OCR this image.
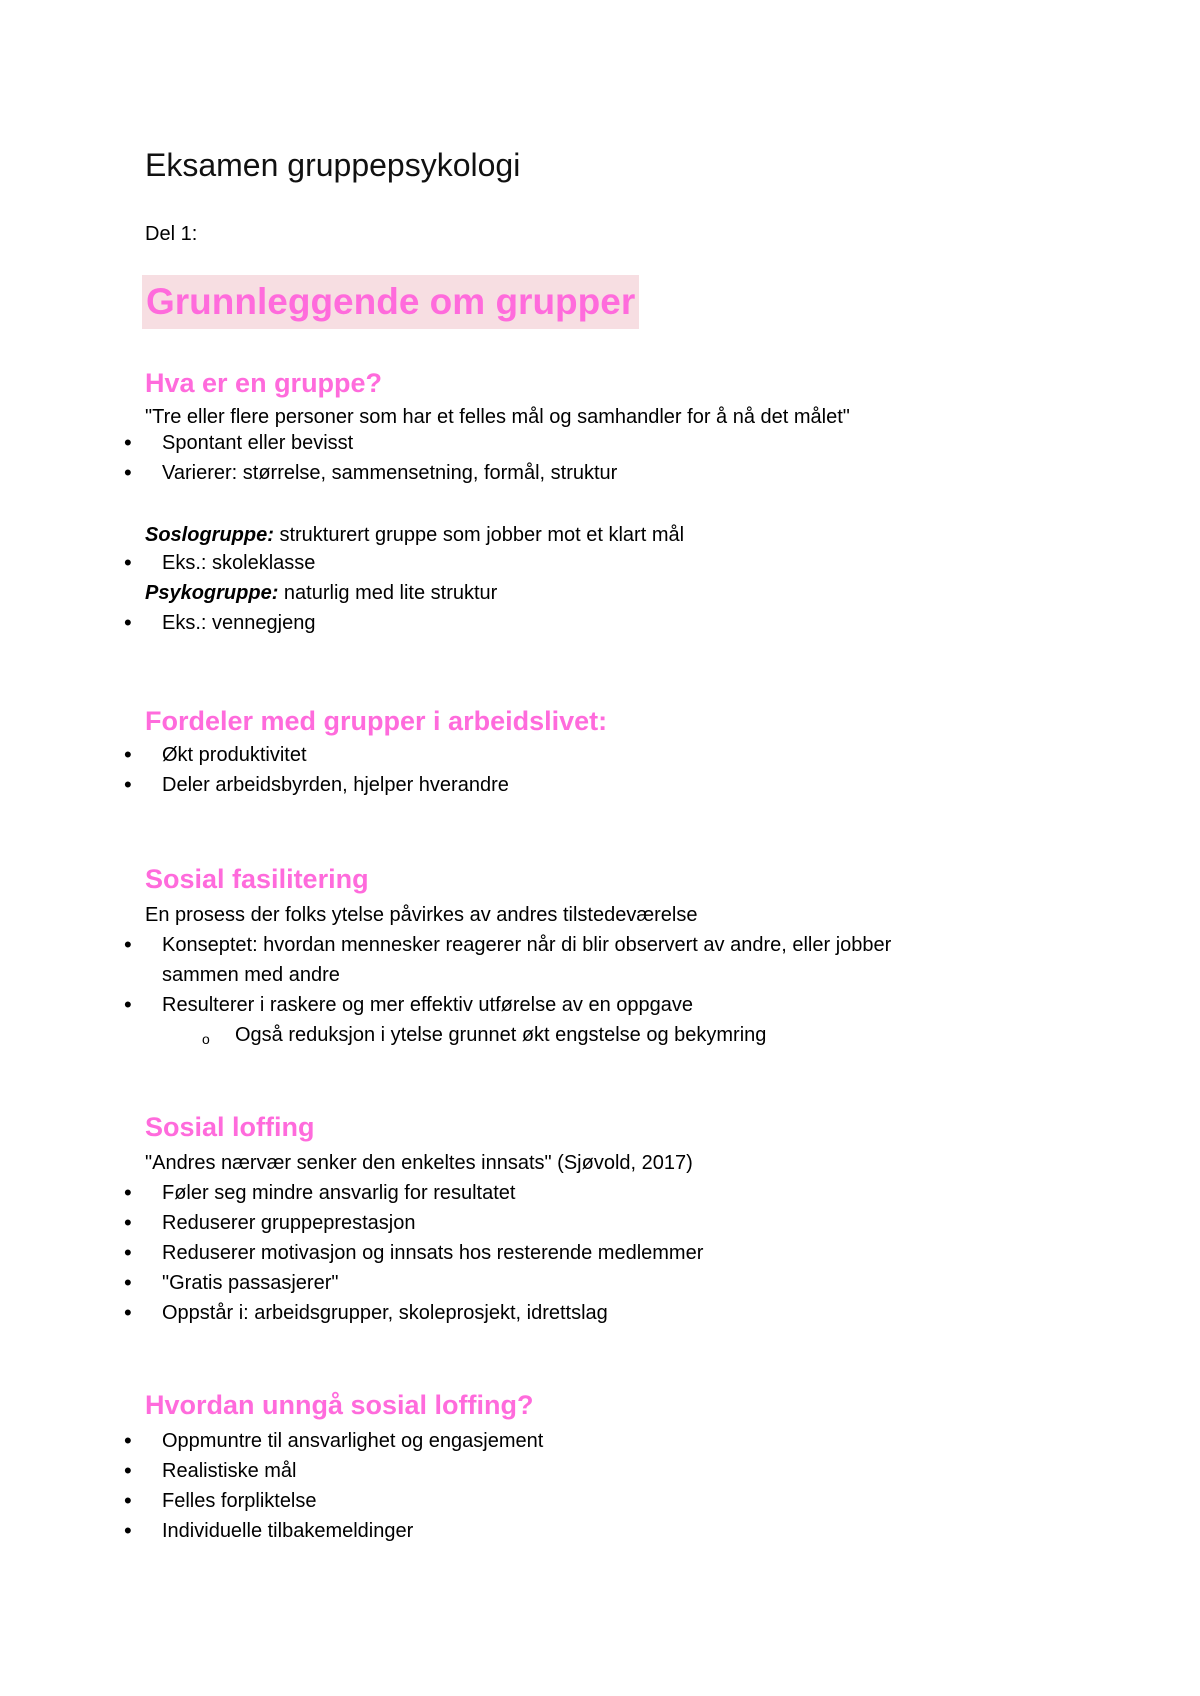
Eksamen gruppepsykologi
Del 1:
Grunnleggende om grupper
Hva er en gruppe?
"Tre eller flere personer som har et felles mål og samhandler for å nå det målet"
• Spontant eller bevisst
• Varierer: størrelse, sammensetning, formål, struktur
Soslogruppe: strukturert gruppe som jobber mot et klart mål
• Eks.: skoleklasse
Psykogruppe: naturlig med lite struktur
• Eks.: vennegjeng
Fordeler med grupper i arbeidslivet:
• Økt produktivitet
• Deler arbeidsbyrden, hjelper hverandre
Sosial fasilitering
En prosess der folks ytelse påvirkes av andres tilstedeværelse
• Konseptet: hvordan mennesker reagerer når di blir observert av andre, eller jobber
sammen med andre
• Resulterer i raskere og mer effektiv utførelse av en oppgave
o Også reduksjon i ytelse grunnet økt engstelse og bekymring
Sosial loffing
"Andres nærvær senker den enkeltes innsats" (Sjøvold, 2017)
• Føler seg mindre ansvarlig for resultatet
• Reduserer gruppeprestasjon
• Reduserer motivasjon og innsats hos resterende medlemmer
• "Gratis passasjerer"
• Oppstår i: arbeidsgrupper, skoleprosjekt, idrettslag
Hvordan unngå sosial loffing?
• Oppmuntre til ansvarlighet og engasjement
• Realistiske mål
• Felles forpliktelse
• Individuelle tilbakemeldinger
